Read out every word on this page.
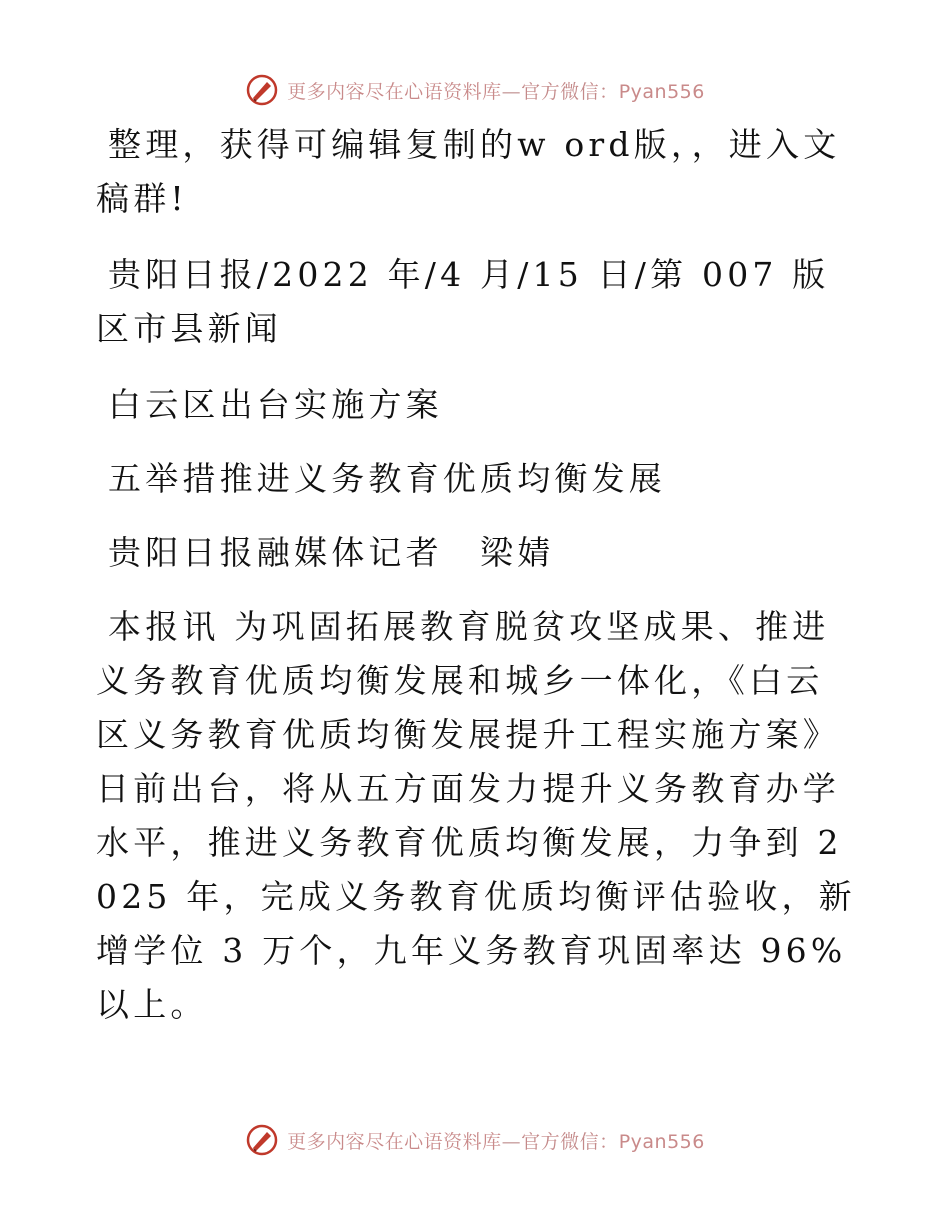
更多内容尽在心语资料库—官方微信：Pyan556

整理，获得可编辑复制的w ord版，，进入文稿群!

贵阳日报/2022 年/4 月/15 日/第 007 版区市县新闻

白云区出台实施方案

五举措推进义务教育优质均衡发展

贵阳日报融媒体记者　梁婧

本报讯 为巩固拓展教育脱贫攻坚成果、推进义务教育优质均衡发展和城乡一体化，《白云区义务教育优质均衡发展提升工程实施方案》日前出台，将从五方面发力提升义务教育办学水平，推进义务教育优质均衡发展，力争到 2025 年，完成义务教育优质均衡评估验收，新增学位 3 万个，九年义务教育巩固率达 96%以上。

更多内容尽在心语资料库—官方微信：Pyan556
